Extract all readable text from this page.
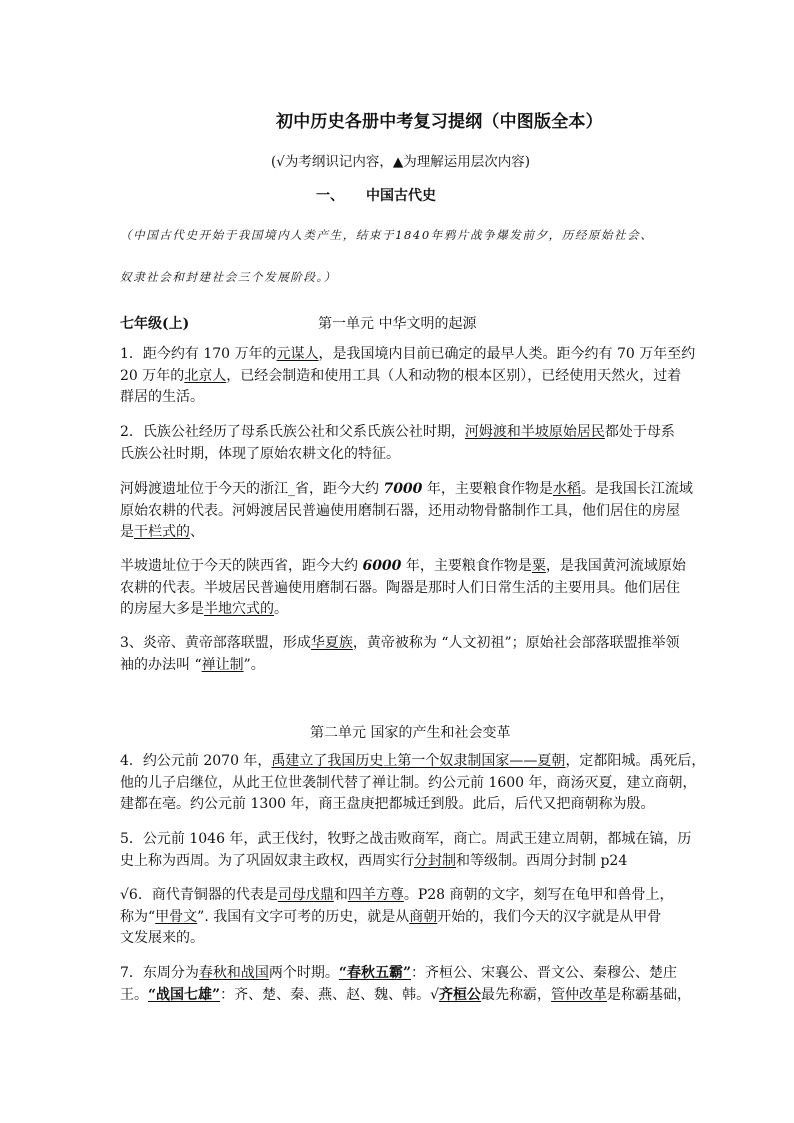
初中历史各册中考复习提纲（中图版全本）
(√为考纲识记内容，▲为理解运用层次内容)
一、 中国古代史
（中国古代史开始于我国境内人类产生，结束于1840年鸦片战争爆发前夕，历经原始社会、
奴隶社会和封建社会三个发展阶段。）
七年级(上)	第一单元 中华文明的起源

1．距今约有 170 万年的元谋人，是我国境内目前已确定的最早人类。距今约有 70 万年至约

20 万年的北京人，已经会制造和使用工具（人和动物的根本区别），已经使用天然火，过着

群居的生活。

2．氏族公社经历了母系氏族公社和父系氏族公社时期，河姆渡和半坡原始居民都处于母系

氏族公社时期，体现了原始农耕文化的特征。

河姆渡遗址位于今天的浙江_省，距今大约 7000 年，主要粮食作物是水稻。是我国长江流域

原始农耕的代表。河姆渡居民普遍使用磨制石器，还用动物骨骼制作工具，他们居住的房屋

是干栏式的、

半坡遗址位于今天的陕西省，距今大约 6000 年，主要粮食作物是粟，是我国黄河流域原始

农耕的代表。半坡居民普遍使用磨制石器。陶器是那时人们日常生活的主要用具。他们居住

的房屋大多是半地穴式的。

3、炎帝、黄帝部落联盟，形成华夏族，黄帝被称为 “人文初祖”；原始社会部落联盟推举领

袖的办法叫 “禅让制”。

第二单元 国家的产生和社会变革

4．约公元前 2070 年，禹建立了我国历史上第一个奴隶制国家——夏朝，定都阳城。禹死后，

他的儿子启继位，从此王位世袭制代替了禅让制。约公元前 1600 年，商汤灭夏，建立商朝，

建都在亳。约公元前 1300 年，商王盘庚把都城迁到殷。此后，后代又把商朝称为殷。

5．公元前 1046 年，武王伐纣，牧野之战击败商军，商亡。周武王建立周朝，都城在镐，历

史上称为西周。为了巩固奴隶主政权，西周实行分封制和等级制。西周分封制 p24

√6．商代青铜器的代表是司母戊鼎和四羊方尊。P28 商朝的文字，刻写在龟甲和兽骨上，

称为“甲骨文”. 我国有文字可考的历史，就是从商朝开始的，我们今天的汉字就是从甲骨

文发展来的。

7．东周分为春秋和战国两个时期。“春秋五霸”：齐桓公、宋襄公、晋文公、秦穆公、楚庄

王。“战国七雄”：齐、楚、秦、燕、赵、魏、韩。√齐桓公最先称霸，管仲改革是称霸基础，
